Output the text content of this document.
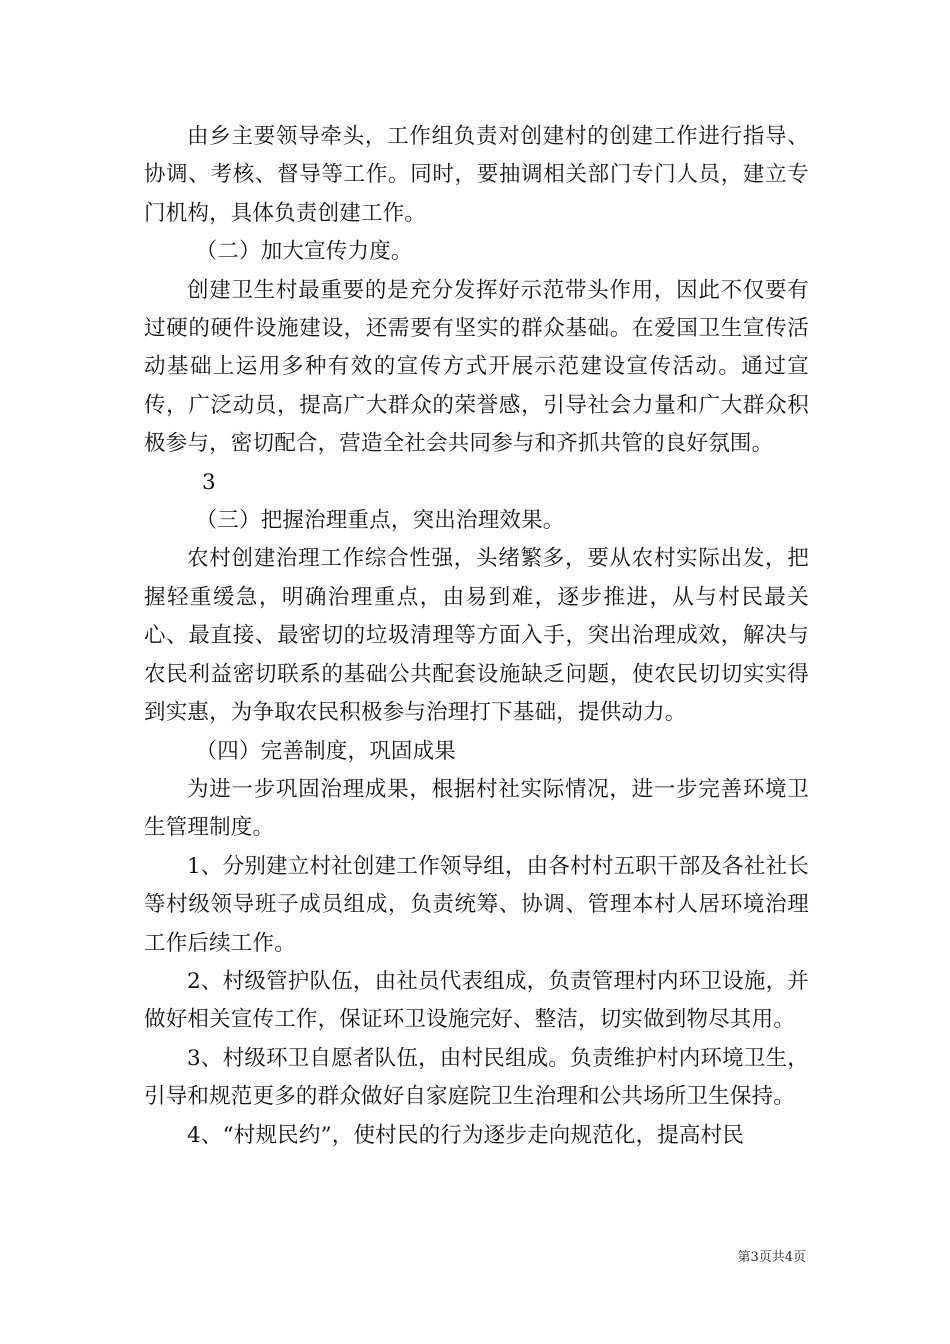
由乡主要领导牵头，工作组负责对创建村的创建工作进行指导、协调、考核、督导等工作。同时，要抽调相关部门专门人员，建立专门机构，具体负责创建工作。

（二）加大宣传力度。

创建卫生村最重要的是充分发挥好示范带头作用，因此不仅要有过硬的硬件设施建设，还需要有坚实的群众基础。在爱国卫生宣传活动基础上运用多种有效的宣传方式开展示范建设宣传活动。通过宣传，广泛动员，提高广大群众的荣誉感，引导社会力量和广大群众积极参与，密切配合，营造全社会共同参与和齐抓共管的良好氛围。

3

（三）把握治理重点，突出治理效果。

农村创建治理工作综合性强，头绪繁多，要从农村实际出发，把握轻重缓急，明确治理重点，由易到难，逐步推进，从与村民最关心、最直接、最密切的垃圾清理等方面入手，突出治理成效，解决与农民利益密切联系的基础公共配套设施缺乏问题，使农民切切实实得到实惠，为争取农民积极参与治理打下基础，提供动力。

（四）完善制度，巩固成果

为进一步巩固治理成果，根据村社实际情况，进一步完善环境卫生管理制度。

1、分别建立村社创建工作领导组，由各村村五职干部及各社社长等村级领导班子成员组成，负责统筹、协调、管理本村人居环境治理工作后续工作。

2、村级管护队伍，由社员代表组成，负责管理村内环卫设施，并做好相关宣传工作，保证环卫设施完好、整洁，切实做到物尽其用。

3、村级环卫自愿者队伍，由村民组成。负责维护村内环境卫生，引导和规范更多的群众做好自家庭院卫生治理和公共场所卫生保持。

4、“村规民约”，使村民的行为逐步走向规范化，提高村民

第3页共4页
